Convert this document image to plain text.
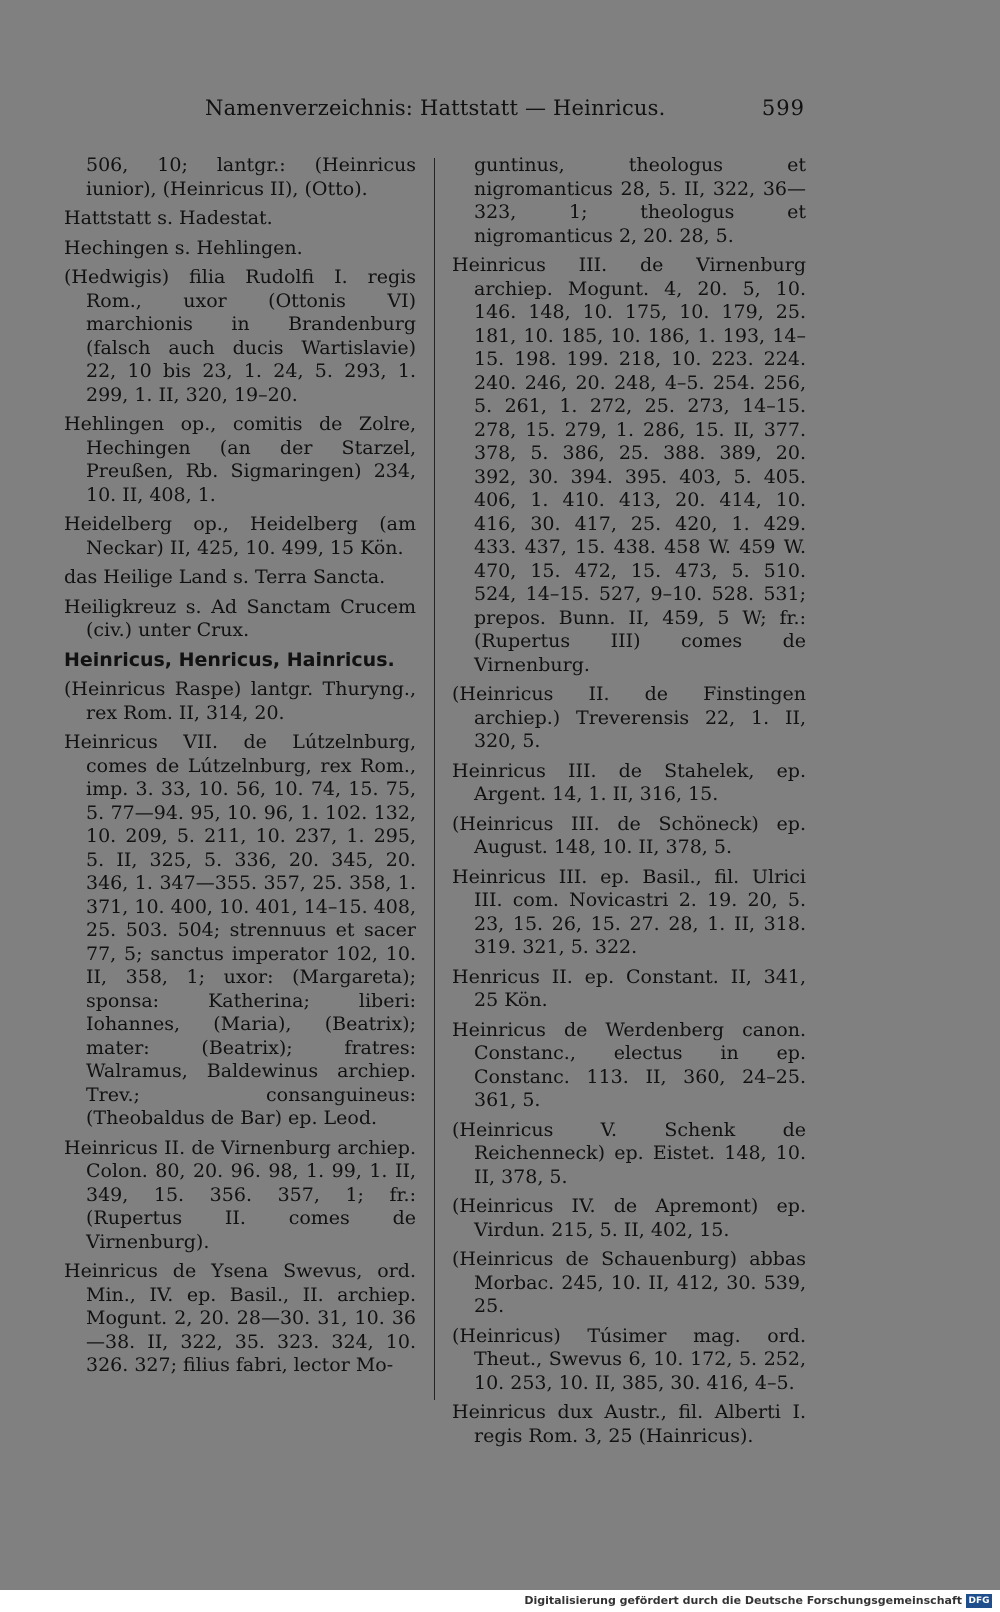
Namenverzeichnis: Hattstatt — Heinricus.	599

506, 10; lantgr.: (Heinricus iunior), (Heinricus II), (Otto).

Hattstatt s. Hadestat.

Hechingen s. Hehlingen.

(Hedwigis) filia Rudolfi I. regis Rom., uxor (Ottonis VI) marchionis in Brandenburg (falsch auch ducis Wartislavie) 22, 10 bis 23, 1. 24, 5. 293, 1. 299, 1. II, 320, 19–20.

Hehlingen op., comitis de Zolre, Hechingen (an der Starzel, Preußen, Rb. Sigmaringen) 234, 10. II, 408, 1.

Heidelberg op., Heidelberg (am Neckar) II, 425, 10. 499, 15 Kön.

das Heilige Land s. Terra Sancta.

Heiligkreuz s. Ad Sanctam Crucem (civ.) unter Crux.

Heinricus, Henricus, Hainricus.

(Heinricus Raspe) lantgr. Thuryng., rex Rom. II, 314, 20.

Heinricus VII. de Lútzelnburg, comes de Lútzelnburg, rex Rom., imp. 3. 33, 10. 56, 10. 74, 15. 75, 5. 77—94. 95, 10. 96, 1. 102. 132, 10. 209, 5. 211, 10. 237, 1. 295, 5. II, 325, 5. 336, 20. 345, 20. 346, 1. 347—355. 357, 25. 358, 1. 371, 10. 400, 10. 401, 14–15. 408, 25. 503. 504; strennuus et sacer 77, 5; sanctus imperator 102, 10. II, 358, 1; uxor: (Margareta); sponsa: Katherina; liberi: Iohannes, (Maria), (Beatrix); mater: (Beatrix); fratres: Walramus, Baldewinus archiep. Trev.; consanguineus: (Theobaldus de Bar) ep. Leod.

Heinricus II. de Virnenburg archiep. Colon. 80, 20. 96. 98, 1. 99, 1. II, 349, 15. 356. 357, 1; fr.: (Rupertus II. comes de Virnenburg).

Heinricus de Ysena Swevus, ord. Min., IV. ep. Basil., II. archiep. Mogunt. 2, 20. 28—30. 31, 10. 36—38. II, 322, 35. 323. 324, 10. 326. 327; filius fabri, lector Mo-

guntinus, theologus et nigromanticus 28, 5. II, 322, 36—323, 1; theologus et nigromanticus 2, 20. 28, 5.

Heinricus III. de Virnenburg archiep. Mogunt. 4, 20. 5, 10. 146. 148, 10. 175, 10. 179, 25. 181, 10. 185, 10. 186, 1. 193, 14–15. 198. 199. 218, 10. 223. 224. 240. 246, 20. 248, 4–5. 254. 256, 5. 261, 1. 272, 25. 273, 14–15. 278, 15. 279, 1. 286, 15. II, 377. 378, 5. 386, 25. 388. 389, 20. 392, 30. 394. 395. 403, 5. 405. 406, 1. 410. 413, 20. 414, 10. 416, 30. 417, 25. 420, 1. 429. 433. 437, 15. 438. 458 W. 459 W. 470, 15. 472, 15. 473, 5. 510. 524, 14–15. 527, 9–10. 528. 531; prepos. Bunn. II, 459, 5 W; fr.: (Rupertus III) comes de Virnenburg.

(Heinricus II. de Finstingen archiep.) Treverensis 22, 1. II, 320, 5.

Heinricus III. de Stahelek, ep. Argent. 14, 1. II, 316, 15.

(Heinricus III. de Schöneck) ep. August. 148, 10. II, 378, 5.

Heinricus III. ep. Basil., fil. Ulrici III. com. Novicastri 2. 19. 20, 5. 23, 15. 26, 15. 27. 28, 1. II, 318. 319. 321, 5. 322.

Henricus II. ep. Constant. II, 341, 25 Kön.

Heinricus de Werdenberg canon. Constanc., electus in ep. Constanc. 113. II, 360, 24–25. 361, 5.

(Heinricus V. Schenk de Reichenneck) ep. Eistet. 148, 10. II, 378, 5.

(Heinricus IV. de Apremont) ep. Virdun. 215, 5. II, 402, 15.

(Heinricus de Schauenburg) abbas Morbac. 245, 10. II, 412, 30. 539, 25.

(Heinricus) Túsimer mag. ord. Theut., Swevus 6, 10. 172, 5. 252, 10. 253, 10. II, 385, 30. 416, 4–5.

Heinricus dux Austr., fil. Alberti I. regis Rom. 3, 25 (Hainricus).

Digitalisierung gefördert durch die Deutsche Forschungsgemeinschaft DFG
